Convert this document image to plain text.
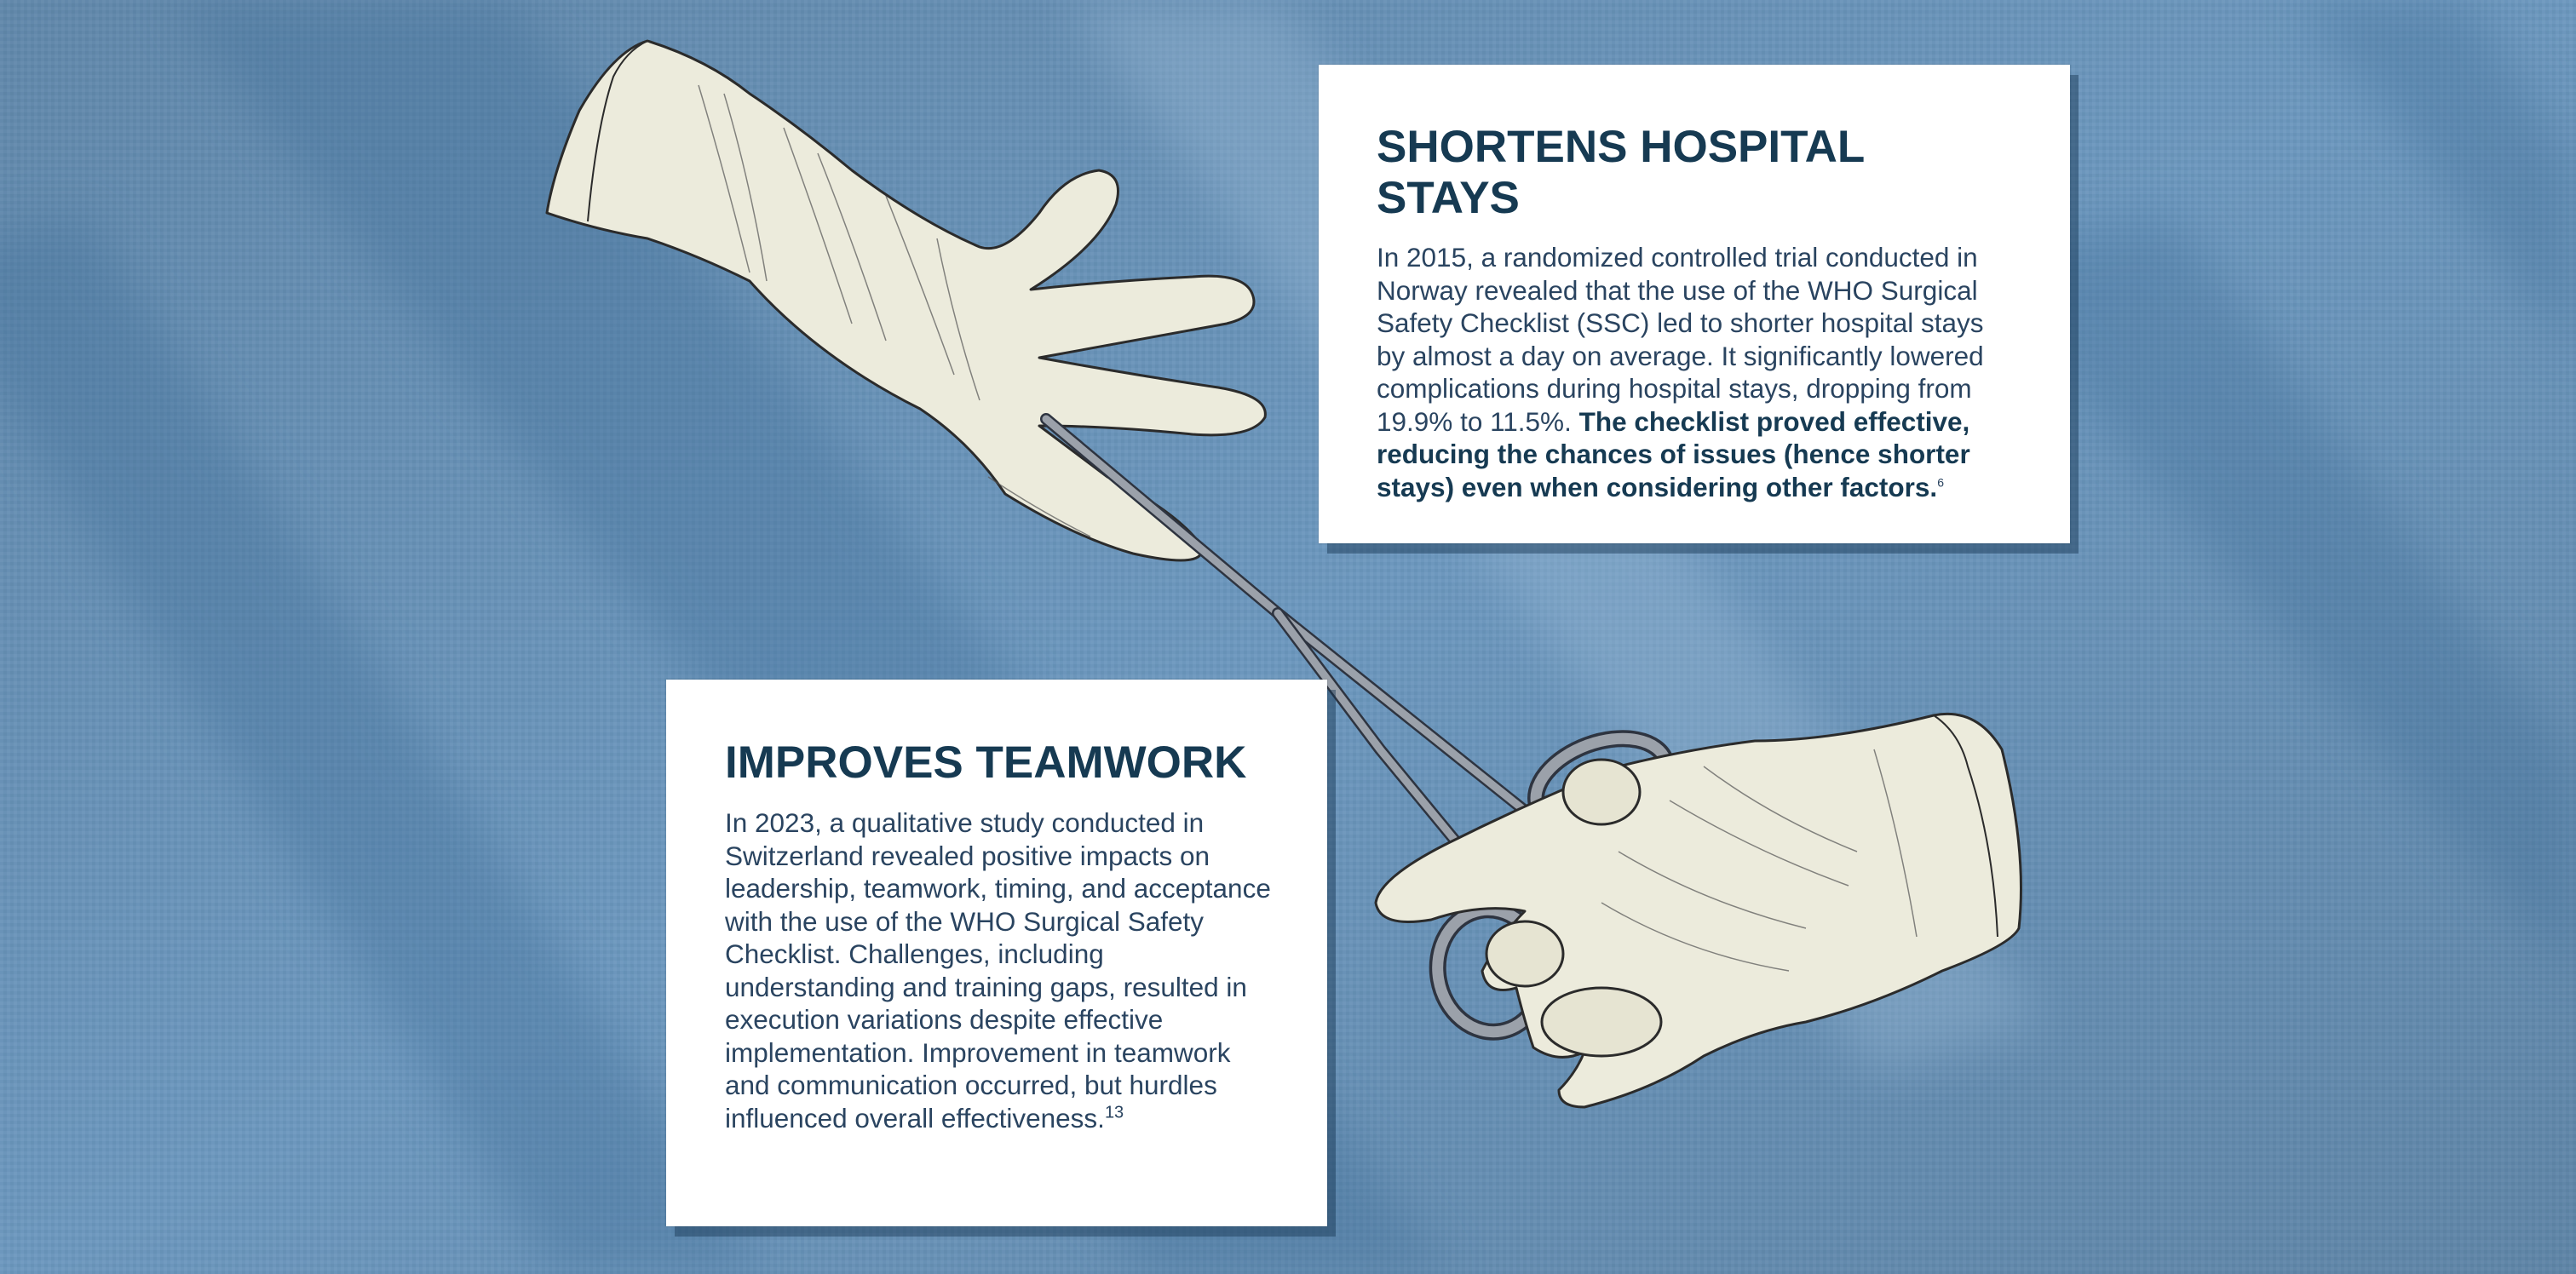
SHORTENS HOSPITAL STAYS

In 2015, a randomized controlled trial conducted in Norway revealed that the use of the WHO Surgical Safety Checklist (SSC) led to shorter hospital stays by almost a day on average. It significantly lowered complications during hospital stays, dropping from 19.9% to 11.5%. The checklist proved effective, reducing the chances of issues (hence shorter stays) even when considering other factors.$^6$

IMPROVES TEAMWORK

In 2023, a qualitative study conducted in Switzerland revealed positive impacts on leadership, teamwork, timing, and acceptance with the use of the WHO Surgical Safety Checklist. Challenges, including understanding and training gaps, resulted in execution variations despite effective implementation. Improvement in teamwork and communication occurred, but hurdles influenced overall effectiveness.$^{13}$
